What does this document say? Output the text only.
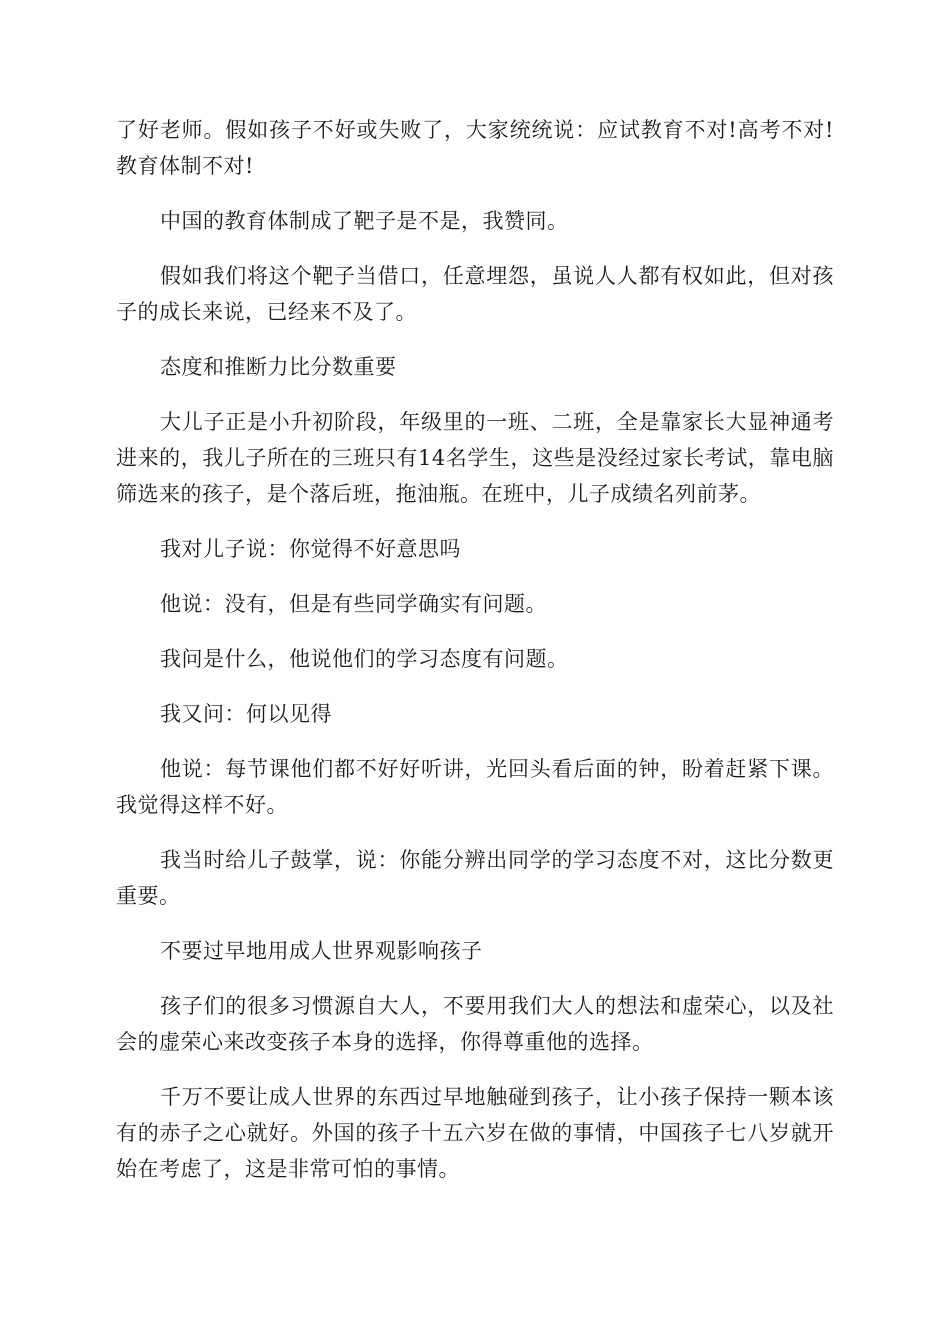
了好老师。假如孩子不好或失败了，大家统统说：应试教育不对!高考不对!教育体制不对!

中国的教育体制成了靶子是不是，我赞同。

假如我们将这个靶子当借口，任意埋怨，虽说人人都有权如此，但对孩子的成长来说，已经来不及了。

态度和推断力比分数重要

大儿子正是小升初阶段，年级里的一班、二班，全是靠家长大显神通考进来的，我儿子所在的三班只有14名学生，这些是没经过家长考试，靠电脑筛选来的孩子，是个落后班，拖油瓶。在班中，儿子成绩名列前茅。

我对儿子说：你觉得不好意思吗

他说：没有，但是有些同学确实有问题。

我问是什么，他说他们的学习态度有问题。

我又问：何以见得

他说：每节课他们都不好好听讲，光回头看后面的钟，盼着赶紧下课。我觉得这样不好。

我当时给儿子鼓掌，说：你能分辨出同学的学习态度不对，这比分数更重要。

不要过早地用成人世界观影响孩子

孩子们的很多习惯源自大人，不要用我们大人的想法和虚荣心，以及社会的虚荣心来改变孩子本身的选择，你得尊重他的选择。

千万不要让成人世界的东西过早地触碰到孩子，让小孩子保持一颗本该有的赤子之心就好。外国的孩子十五六岁在做的事情，中国孩子七八岁就开始在考虑了，这是非常可怕的事情。
